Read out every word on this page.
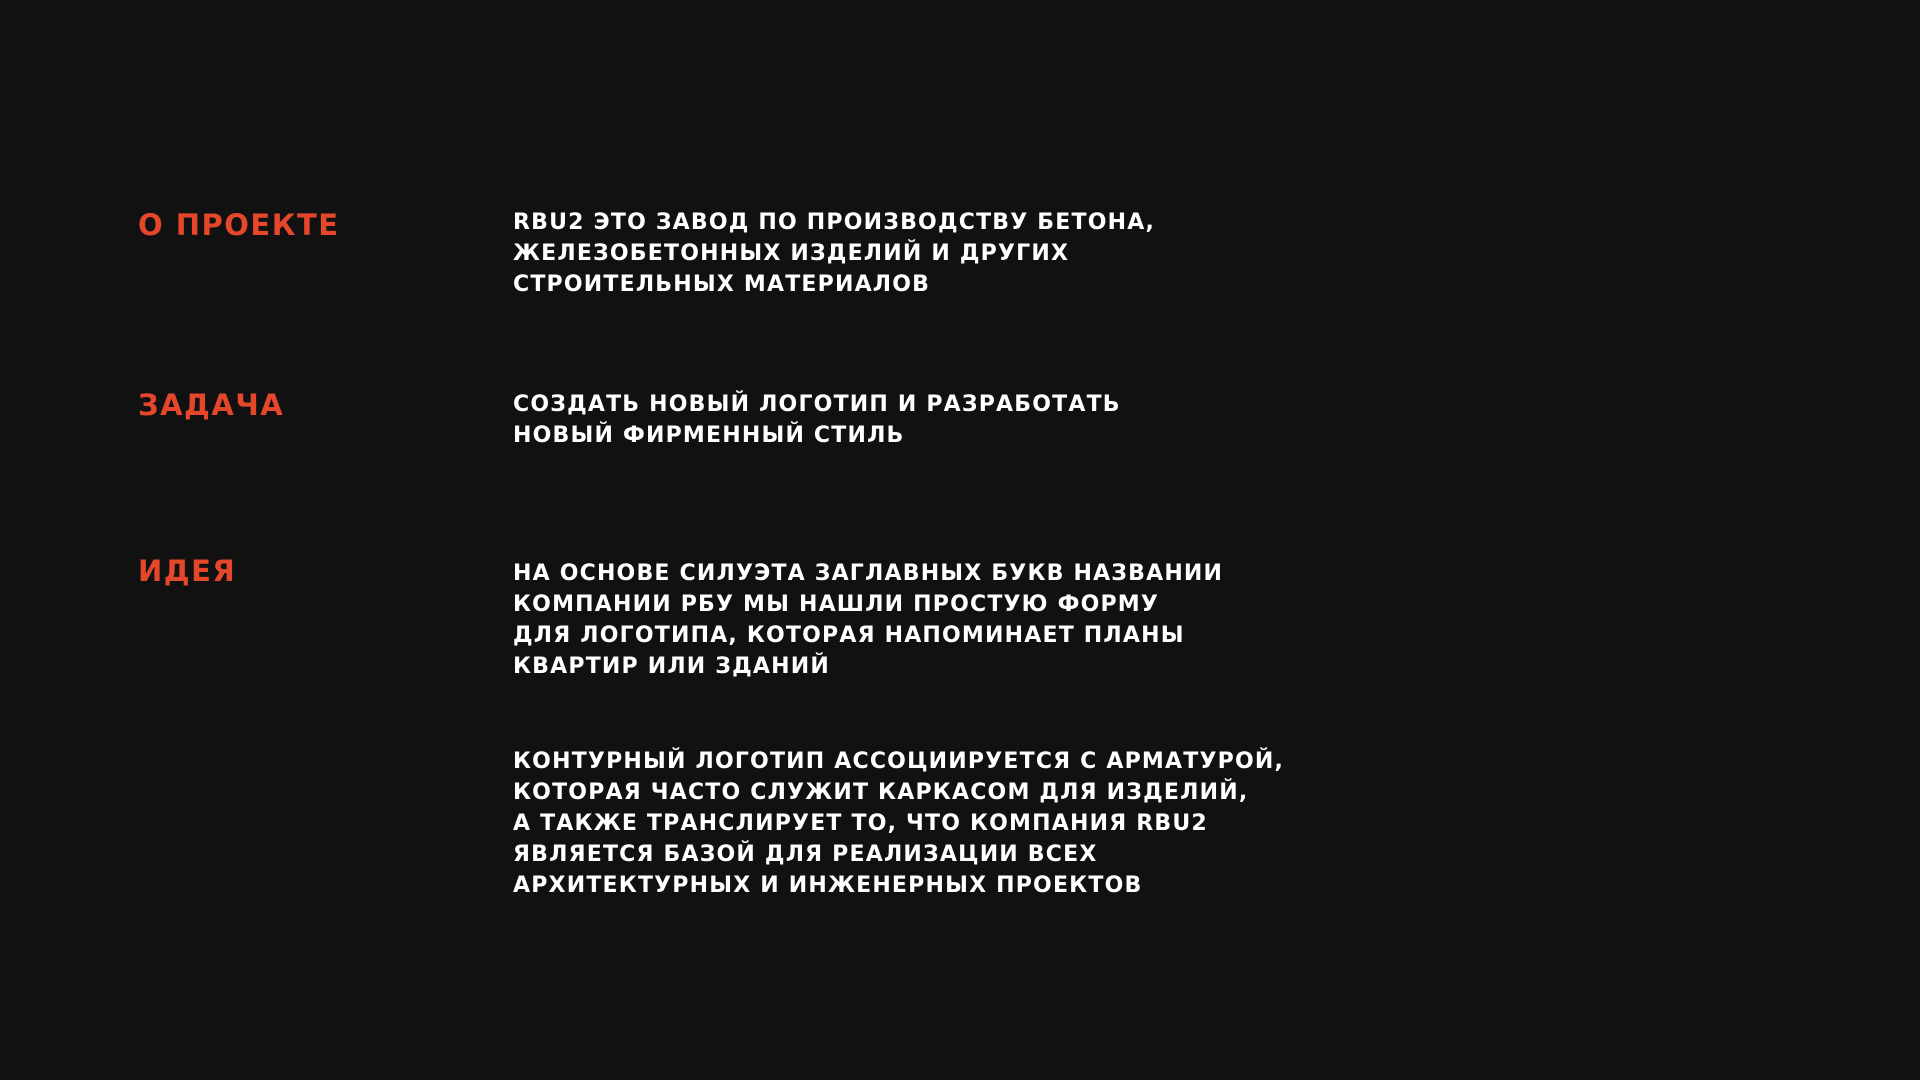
О ПРОЕКТЕ	RBU2 ЭТО ЗАВОД ПО ПРОИЗВОДСТВУ БЕТОНА,
ЖЕЛЕЗОБЕТОННЫХ ИЗДЕЛИЙ И ДРУГИХ
СТРОИТЕЛЬНЫХ МАТЕРИАЛОВ

ЗАДАЧА	СОЗДАТЬ НОВЫЙ ЛОГОТИП И РАЗРАБОТАТЬ
НОВЫЙ ФИРМЕННЫЙ СТИЛЬ

ИДЕЯ	НА ОСНОВЕ СИЛУЭТА ЗАГЛАВНЫХ БУКВ НАЗВАНИИ
КОМПАНИИ РБУ МЫ НАШЛИ ПРОСТУЮ ФОРМУ
ДЛЯ ЛОГОТИПА, КОТОРАЯ НАПОМИНАЕТ ПЛАНЫ
КВАРТИР ИЛИ ЗДАНИЙ

КОНТУРНЫЙ ЛОГОТИП АССОЦИИРУЕТСЯ С АРМАТУРОЙ,
КОТОРАЯ ЧАСТО СЛУЖИТ КАРКАСОМ ДЛЯ ИЗДЕЛИЙ,
А ТАКЖЕ ТРАНСЛИРУЕТ ТО, ЧТО КОМПАНИЯ RBU2
ЯВЛЯЕТСЯ БАЗОЙ ДЛЯ РЕАЛИЗАЦИИ ВСЕХ
АРХИТЕКТУРНЫХ И ИНЖЕНЕРНЫХ ПРОЕКТОВ
